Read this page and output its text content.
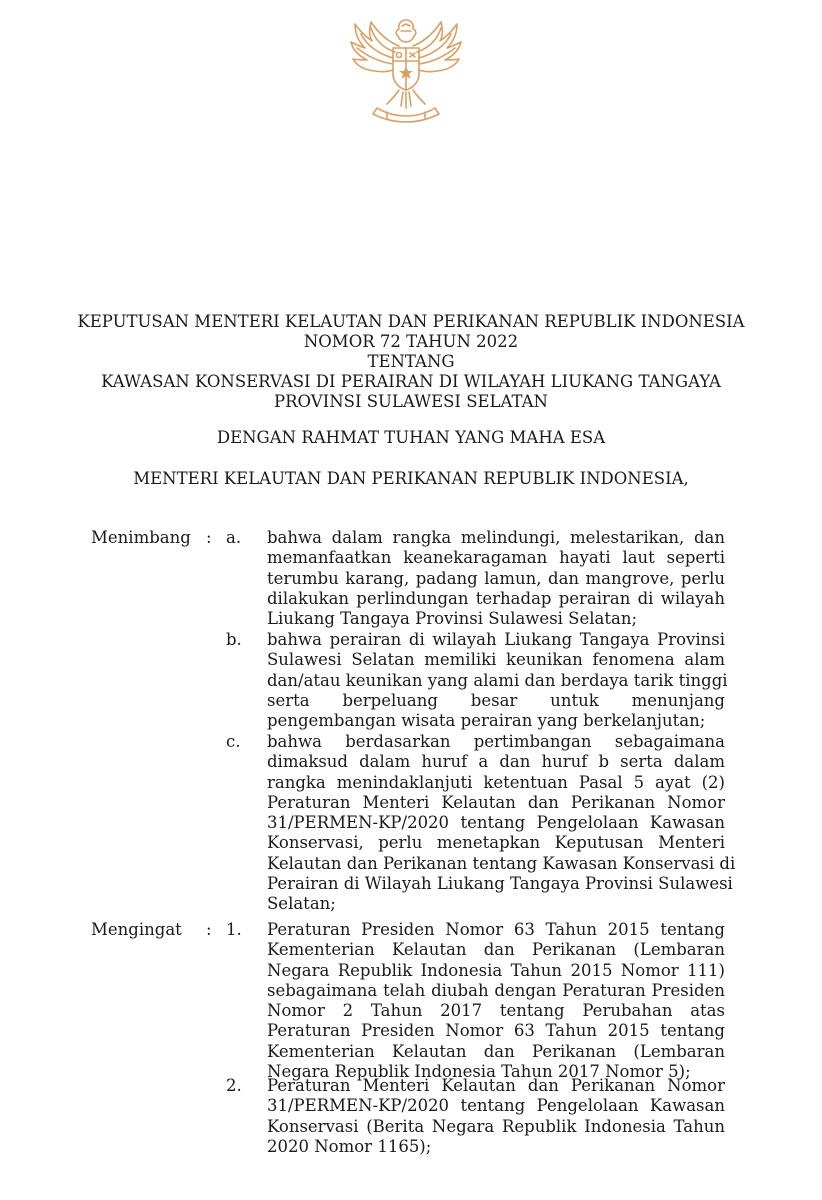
KEPUTUSAN MENTERI KELAUTAN DAN PERIKANAN REPUBLIK INDONESIA
NOMOR 72 TAHUN 2022
TENTANG
KAWASAN KONSERVASI DI PERAIRAN DI WILAYAH LIUKANG TANGAYA
PROVINSI SULAWESI SELATAN
DENGAN RAHMAT TUHAN YANG MAHA ESA
MENTERI KELAUTAN DAN PERIKANAN REPUBLIK INDONESIA,
Menimbang : a. bahwa dalam rangka melindungi, melestarikan, dan
memanfaatkan keanekaragaman hayati laut seperti
terumbu karang, padang lamun, dan mangrove, perlu
dilakukan perlindungan terhadap perairan di wilayah
Liukang Tangaya Provinsi Sulawesi Selatan;
b. bahwa perairan di wilayah Liukang Tangaya Provinsi
Sulawesi Selatan memiliki keunikan fenomena alam
dan/atau keunikan yang alami dan berdaya tarik tinggi
serta berpeluang besar untuk menunjang
pengembangan wisata perairan yang berkelanjutan;
c. bahwa berdasarkan pertimbangan sebagaimana
dimaksud dalam huruf a dan huruf b serta dalam
rangka menindaklanjuti ketentuan Pasal 5 ayat (2)
Peraturan Menteri Kelautan dan Perikanan Nomor
31/PERMEN-KP/2020 tentang Pengelolaan Kawasan
Konservasi, perlu menetapkan Keputusan Menteri
Kelautan dan Perikanan tentang Kawasan Konservasi di
Perairan di Wilayah Liukang Tangaya Provinsi Sulawesi
Selatan;
Mengingat : 1. Peraturan Presiden Nomor 63 Tahun 2015 tentang
Kementerian Kelautan dan Perikanan (Lembaran
Negara Republik Indonesia Tahun 2015 Nomor 111)
sebagaimana telah diubah dengan Peraturan Presiden
Nomor 2 Tahun 2017 tentang Perubahan atas
Peraturan Presiden Nomor 63 Tahun 2015 tentang
Kementerian Kelautan dan Perikanan (Lembaran
Negara Republik Indonesia Tahun 2017 Nomor 5);
2. Peraturan Menteri Kelautan dan Perikanan Nomor
31/PERMEN-KP/2020 tentang Pengelolaan Kawasan
Konservasi (Berita Negara Republik Indonesia Tahun
2020 Nomor 1165);
